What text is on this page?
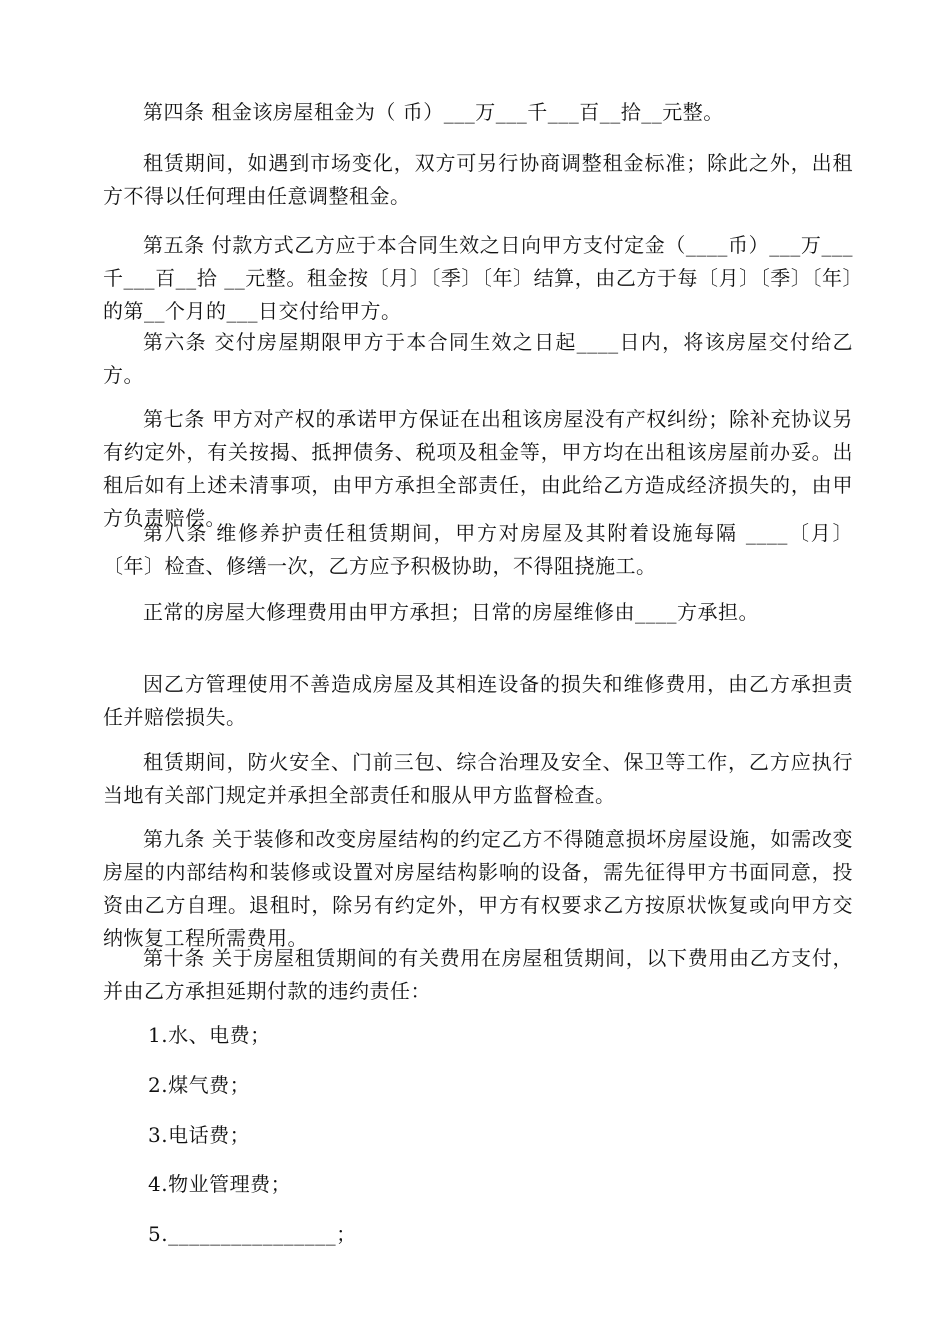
第四条 租金该房屋租金为（ 币）___万___千___百__拾__元整。

租赁期间，如遇到市场变化，双方可另行协商调整租金标准；除此之外，出租方不得以任何理由任意调整租金。

第五条 付款方式乙方应于本合同生效之日向甲方支付定金（____币）___万___千___百__拾 __元整。租金按〔月〕〔季〕〔年〕结算，由乙方于每〔月〕〔季〕〔年〕的第__个月的___日交付给甲方。

第六条 交付房屋期限甲方于本合同生效之日起____日内，将该房屋交付给乙方。

第七条 甲方对产权的承诺甲方保证在出租该房屋没有产权纠纷；除补充协议另有约定外，有关按揭、抵押债务、税项及租金等，甲方均在出租该房屋前办妥。出租后如有上述未清事项，由甲方承担全部责任，由此给乙方造成经济损失的，由甲方负责赔偿。

第八条 维修养护责任租赁期间，甲方对房屋及其附着设施每隔 ____〔月〕〔年〕检查、修缮一次，乙方应予积极协助，不得阻挠施工。

正常的房屋大修理费用由甲方承担；日常的房屋维修由____方承担。

因乙方管理使用不善造成房屋及其相连设备的损失和维修费用，由乙方承担责任并赔偿损失。

租赁期间，防火安全、门前三包、综合治理及安全、保卫等工作，乙方应执行当地有关部门规定并承担全部责任和服从甲方监督检查。

第九条 关于装修和改变房屋结构的约定乙方不得随意损坏房屋设施，如需改变房屋的内部结构和装修或设置对房屋结构影响的设备，需先征得甲方书面同意，投资由乙方自理。退租时，除另有约定外，甲方有权要求乙方按原状恢复或向甲方交纳恢复工程所需费用。

第十条 关于房屋租赁期间的有关费用在房屋租赁期间，以下费用由乙方支付，并由乙方承担延期付款的违约责任：

1.水、电费；

2.煤气费；

3.电话费；

4.物业管理费；

5.________________；
